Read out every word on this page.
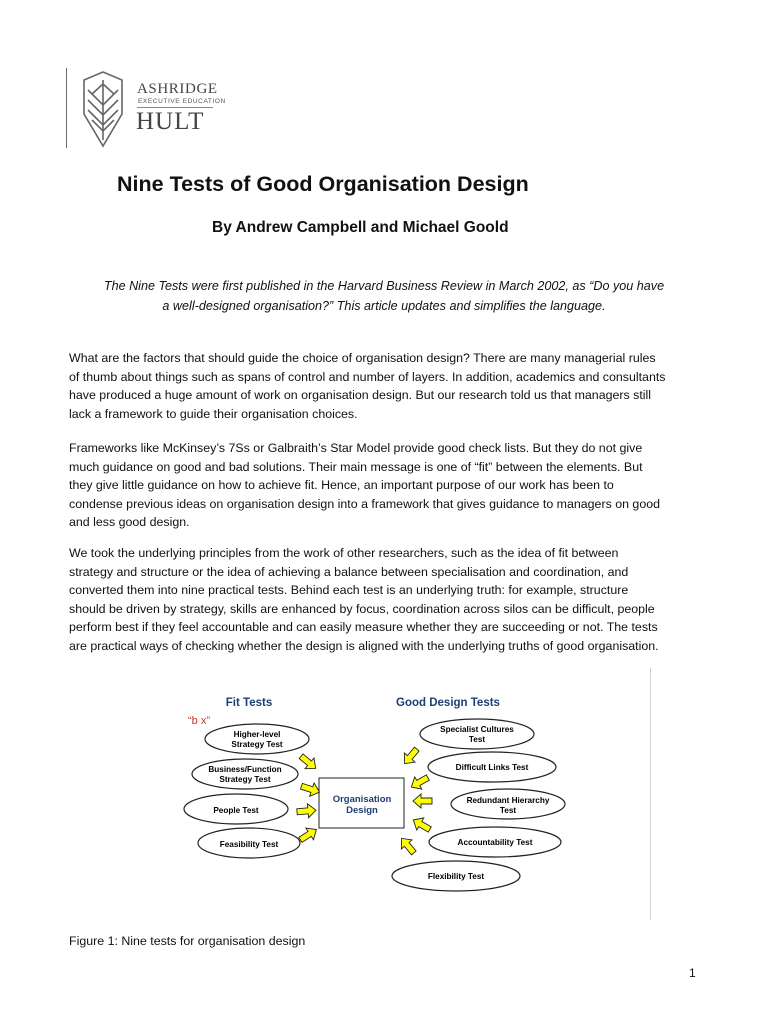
ASHRIDGE
EXECUTIVE EDUCATION
HULT
Nine Tests of Good Organisation Design
By Andrew Campbell and Michael Goold
The Nine Tests were first published in the Harvard Business Review in March 2002, as “Do you have
a well-designed organisation?” This article updates and simplifies the language.
What are the factors that should guide the choice of organisation design? There are many managerial rules
of thumb about things such as spans of control and number of layers. In addition, academics and consultants
have produced a huge amount of work on organisation design. But our research told us that managers still
lack a framework to guide their organisation choices.
Frameworks like McKinsey’s 7Ss or Galbraith’s Star Model provide good check lists. But they do not give
much guidance on good and bad solutions. Their main message is one of “fit” between the elements. But
they give little guidance on how to achieve fit. Hence, an important purpose of our work has been to
condense previous ideas on organisation design into a framework that gives guidance to managers on good
and less good design.
We took the underlying principles from the work of other researchers, such as the idea of fit between
strategy and structure or the idea of achieving a balance between specialisation and coordination, and
converted them into nine practical tests. Behind each test is an underlying truth: for example, structure
should be driven by strategy, skills are enhanced by focus, coordination across silos can be difficult, people
perform best if they feel accountable and can easily measure whether they are succeeding or not. The tests
are practical ways of checking whether the design is aligned with the underlying truths of good organisation.
Fit Tests	Good Design Tests
“b x”
Organisation
Design
Higher-level
Strategy Test
Business/Function
Strategy Test
People Test
Feasibility Test
Specialist Cultures
Test
Difficult Links Test
Redundant Hierarchy
Test
Accountability Test
Flexibility Test
Figure 1: Nine tests for organisation design
1
